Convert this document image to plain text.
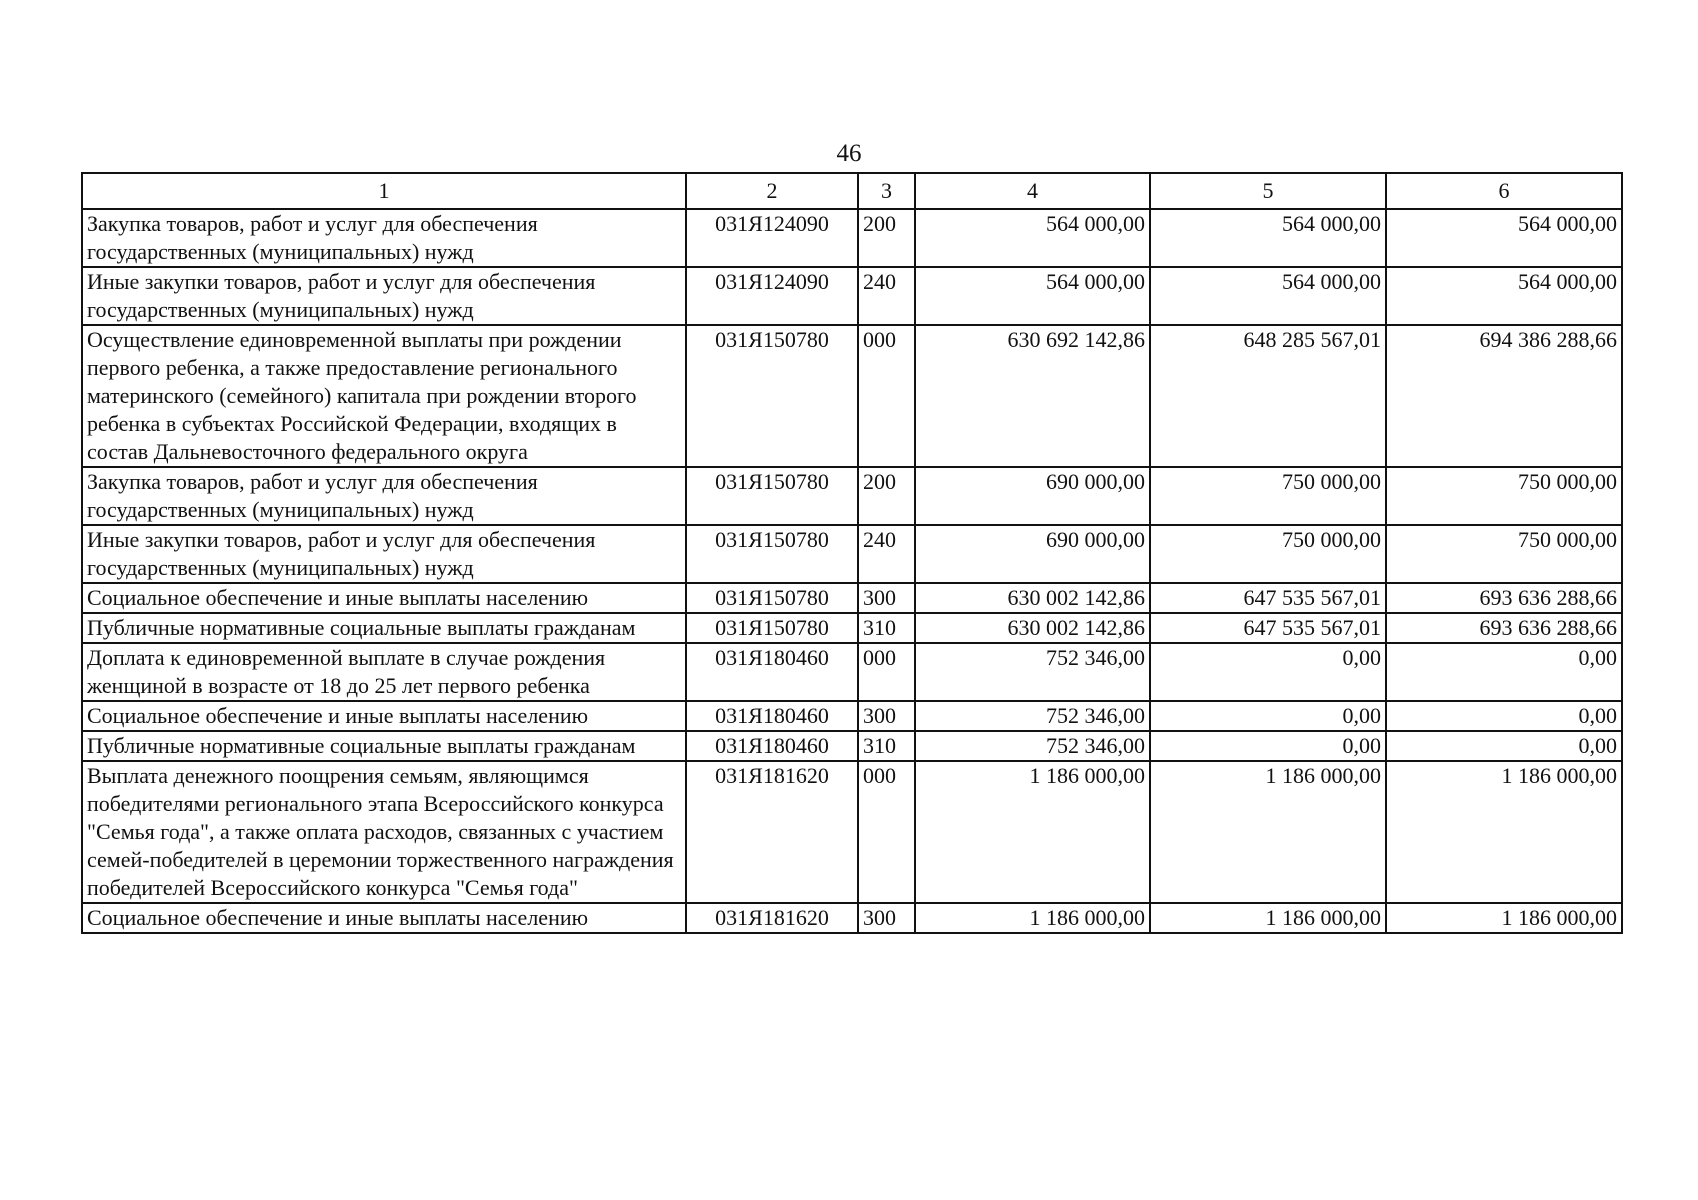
46
1	2	3	4	5	6
Закупка товаров, работ и услуг для обеспечения государственных (муниципальных) нужд	031Я124090	200	564 000,00	564 000,00	564 000,00
Иные закупки товаров, работ и услуг для обеспечения государственных (муниципальных) нужд	031Я124090	240	564 000,00	564 000,00	564 000,00
Осуществление единовременной выплаты при рождении первого ребенка, а также предоставление регионального материнского (семейного) капитала при рождении второго ребенка в субъектах Российской Федерации, входящих в состав Дальневосточного федерального округа	031Я150780	000	630 692 142,86	648 285 567,01	694 386 288,66
Закупка товаров, работ и услуг для обеспечения государственных (муниципальных) нужд	031Я150780	200	690 000,00	750 000,00	750 000,00
Иные закупки товаров, работ и услуг для обеспечения государственных (муниципальных) нужд	031Я150780	240	690 000,00	750 000,00	750 000,00
Социальное обеспечение и иные выплаты населению	031Я150780	300	630 002 142,86	647 535 567,01	693 636 288,66
Публичные нормативные социальные выплаты гражданам	031Я150780	310	630 002 142,86	647 535 567,01	693 636 288,66
Доплата к единовременной выплате в случае рождения женщиной в возрасте от 18 до 25 лет первого ребенка	031Я180460	000	752 346,00	0,00	0,00
Социальное обеспечение и иные выплаты населению	031Я180460	300	752 346,00	0,00	0,00
Публичные нормативные социальные выплаты гражданам	031Я180460	310	752 346,00	0,00	0,00
Выплата денежного поощрения семьям, являющимся победителями регионального этапа Всероссийского конкурса "Семья года", а также оплата расходов, связанных с участием семей-победителей в церемонии торжественного награждения победителей Всероссийского конкурса "Семья года"	031Я181620	000	1 186 000,00	1 186 000,00	1 186 000,00
Социальное обеспечение и иные выплаты населению	031Я181620	300	1 186 000,00	1 186 000,00	1 186 000,00
